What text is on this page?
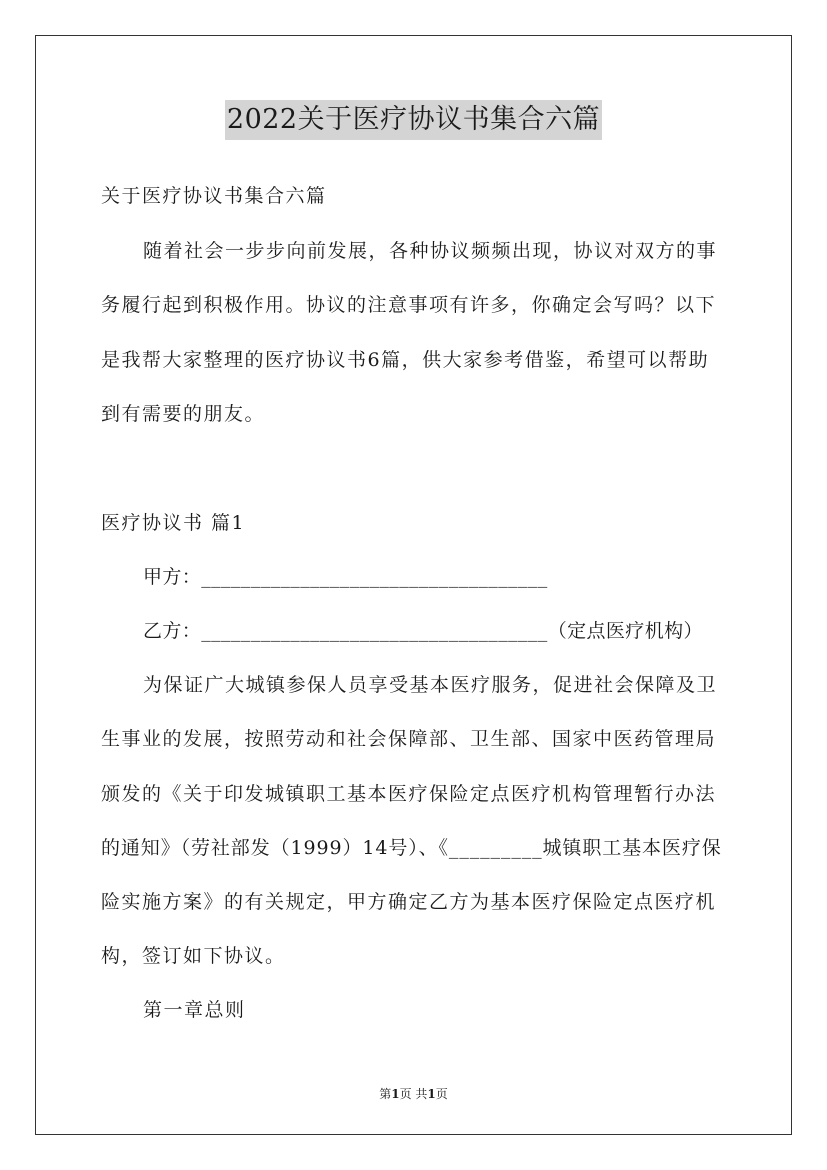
2022关于医疗协议书集合六篇
关于医疗协议书集合六篇
随着社会一步步向前发展，各种协议频频出现，协议对双方的事
务履行起到积极作用。协议的注意事项有许多，你确定会写吗？以下
是我帮大家整理的医疗协议书6篇，供大家参考借鉴，希望可以帮助
到有需要的朋友。
医疗协议书 篇1
甲方：___________________________________
乙方：___________________________________（定点医疗机构）
为保证广大城镇参保人员享受基本医疗服务，促进社会保障及卫
生事业的发展，按照劳动和社会保障部、卫生部、国家中医药管理局
颁发的《关于印发城镇职工基本医疗保险定点医疗机构管理暂行办法
的通知》（劳社部发（1999）14号）、《_________城镇职工基本医疗保
险实施方案》的有关规定，甲方确定乙方为基本医疗保险定点医疗机
构，签订如下协议。
第一章总则
第1页 共1页
